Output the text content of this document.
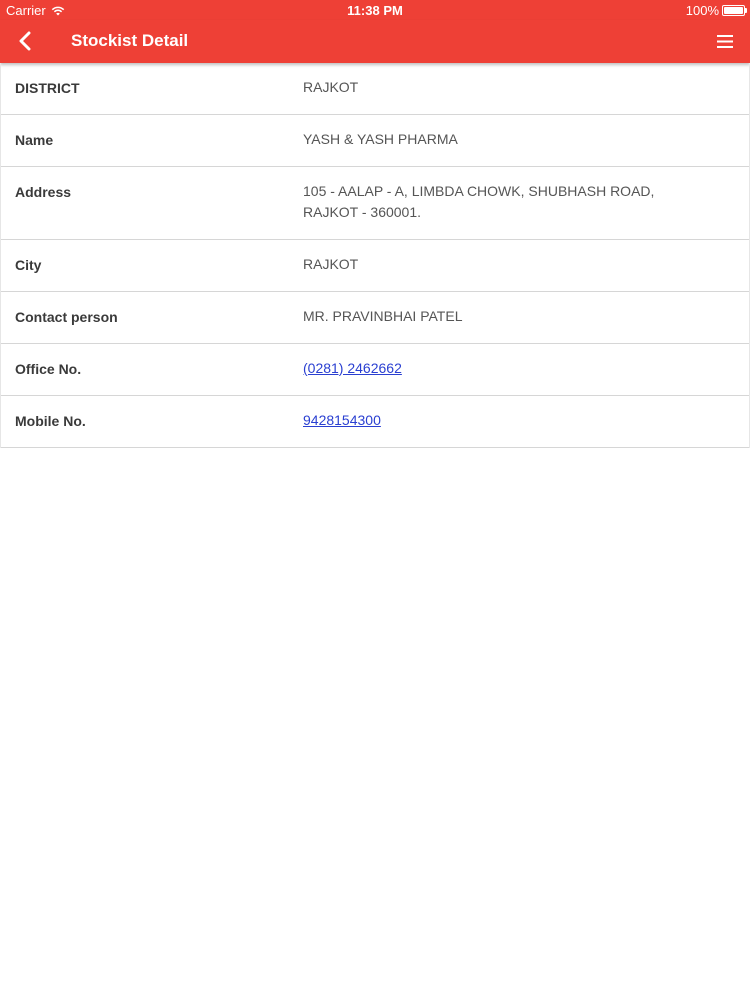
Carrier	11:38 PM	100%
Stockist Detail
DISTRICT	RAJKOT
Name	YASH & YASH PHARMA
Address	105 - AALAP - A, LIMBDA CHOWK, SHUBHASH ROAD, RAJKOT - 360001.
City	RAJKOT
Contact person	MR. PRAVINBHAI PATEL
Office No.	(0281) 2462662
Mobile No.	9428154300
